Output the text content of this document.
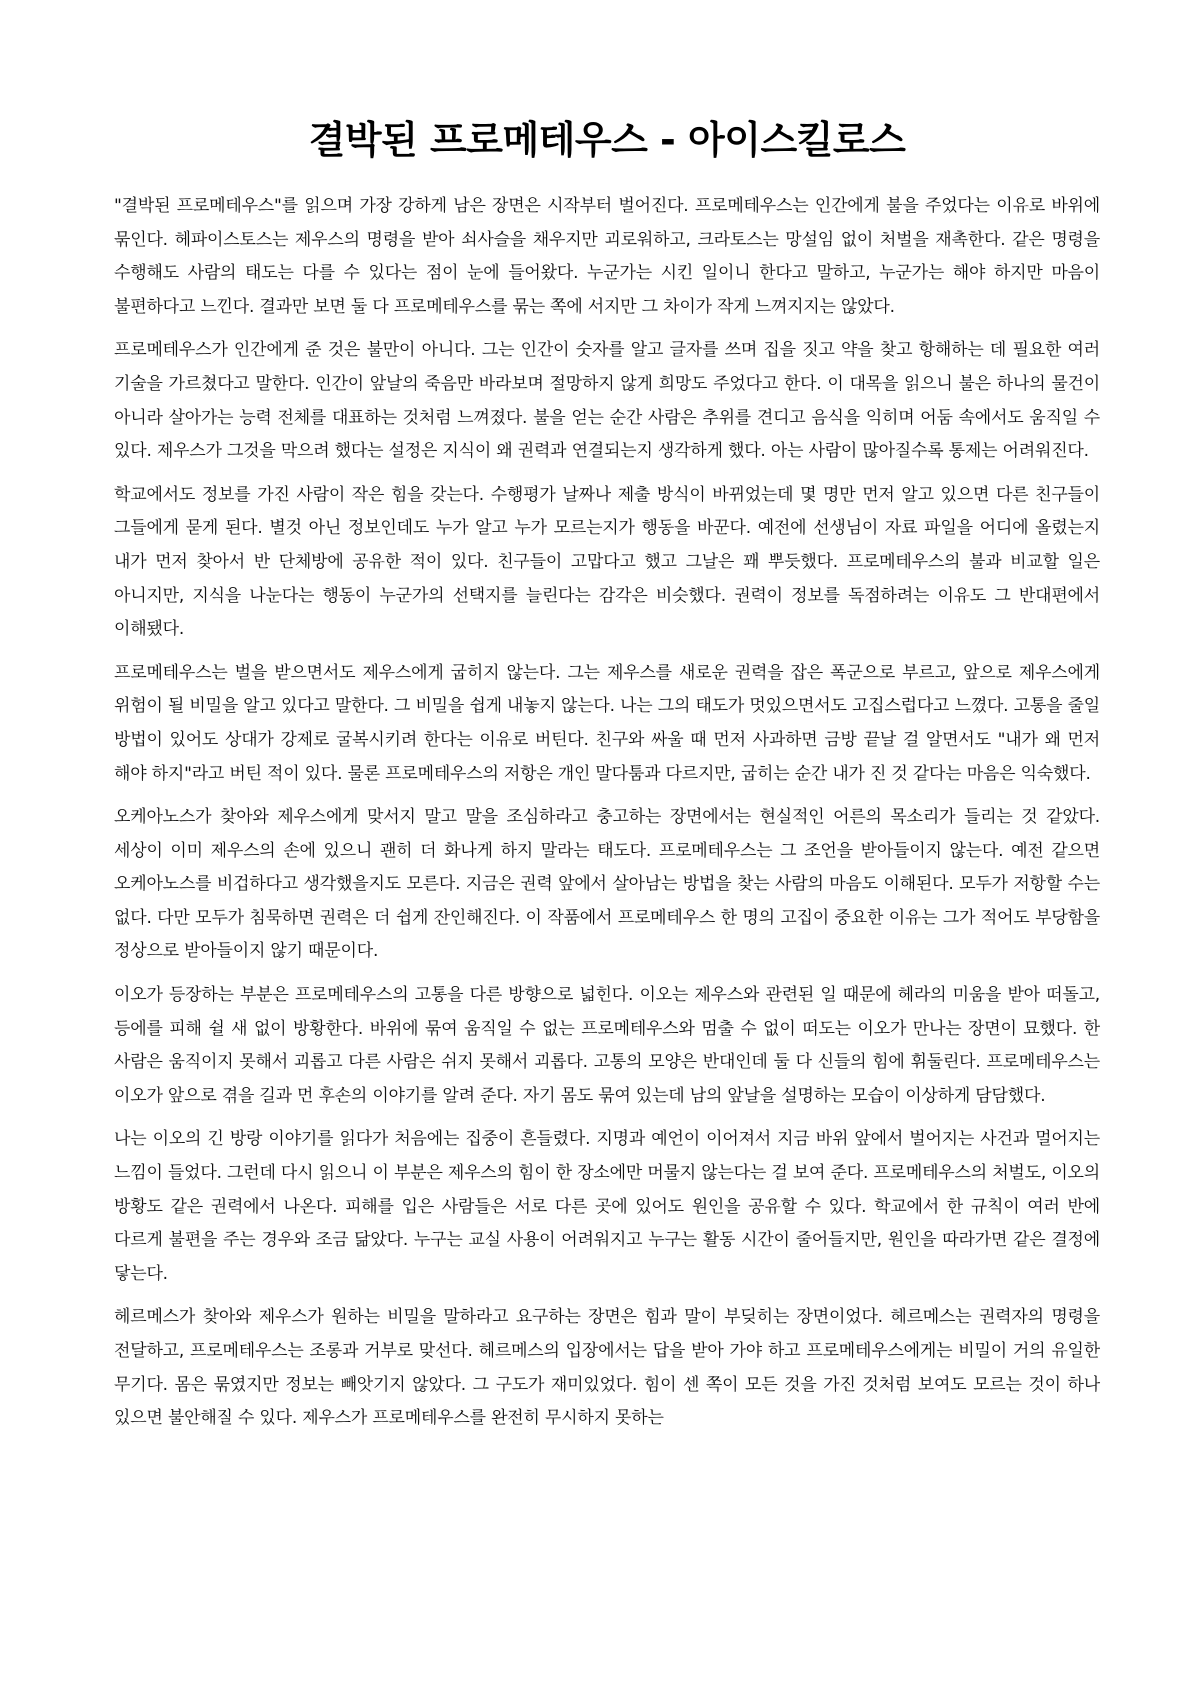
결박된 프로메테우스 - 아이스킬로스

"결박된 프로메테우스"를 읽으며 가장 강하게 남은 장면은 시작부터 벌어진다. 프로메테우스는 인간에게 불을 주었다는 이유로 바위에 묶인다. 헤파이스토스는 제우스의 명령을 받아 쇠사슬을 채우지만 괴로워하고, 크라토스는 망설임 없이 처벌을 재촉한다. 같은 명령을 수행해도 사람의 태도는 다를 수 있다는 점이 눈에 들어왔다. 누군가는 시킨 일이니 한다고 말하고, 누군가는 해야 하지만 마음이 불편하다고 느낀다. 결과만 보면 둘 다 프로메테우스를 묶는 쪽에 서지만 그 차이가 작게 느껴지지는 않았다.

프로메테우스가 인간에게 준 것은 불만이 아니다. 그는 인간이 숫자를 알고 글자를 쓰며 집을 짓고 약을 찾고 항해하는 데 필요한 여러 기술을 가르쳤다고 말한다. 인간이 앞날의 죽음만 바라보며 절망하지 않게 희망도 주었다고 한다. 이 대목을 읽으니 불은 하나의 물건이 아니라 살아가는 능력 전체를 대표하는 것처럼 느껴졌다. 불을 얻는 순간 사람은 추위를 견디고 음식을 익히며 어둠 속에서도 움직일 수 있다. 제우스가 그것을 막으려 했다는 설정은 지식이 왜 권력과 연결되는지 생각하게 했다. 아는 사람이 많아질수록 통제는 어려워진다.

학교에서도 정보를 가진 사람이 작은 힘을 갖는다. 수행평가 날짜나 제출 방식이 바뀌었는데 몇 명만 먼저 알고 있으면 다른 친구들이 그들에게 묻게 된다. 별것 아닌 정보인데도 누가 알고 누가 모르는지가 행동을 바꾼다. 예전에 선생님이 자료 파일을 어디에 올렸는지 내가 먼저 찾아서 반 단체방에 공유한 적이 있다. 친구들이 고맙다고 했고 그날은 꽤 뿌듯했다. 프로메테우스의 불과 비교할 일은 아니지만, 지식을 나눈다는 행동이 누군가의 선택지를 늘린다는 감각은 비슷했다. 권력이 정보를 독점하려는 이유도 그 반대편에서 이해됐다.

프로메테우스는 벌을 받으면서도 제우스에게 굽히지 않는다. 그는 제우스를 새로운 권력을 잡은 폭군으로 부르고, 앞으로 제우스에게 위험이 될 비밀을 알고 있다고 말한다. 그 비밀을 쉽게 내놓지 않는다. 나는 그의 태도가 멋있으면서도 고집스럽다고 느꼈다. 고통을 줄일 방법이 있어도 상대가 강제로 굴복시키려 한다는 이유로 버틴다. 친구와 싸울 때 먼저 사과하면 금방 끝날 걸 알면서도 "내가 왜 먼저 해야 하지"라고 버틴 적이 있다. 물론 프로메테우스의 저항은 개인 말다툼과 다르지만, 굽히는 순간 내가 진 것 같다는 마음은 익숙했다.

오케아노스가 찾아와 제우스에게 맞서지 말고 말을 조심하라고 충고하는 장면에서는 현실적인 어른의 목소리가 들리는 것 같았다. 세상이 이미 제우스의 손에 있으니 괜히 더 화나게 하지 말라는 태도다. 프로메테우스는 그 조언을 받아들이지 않는다. 예전 같으면 오케아노스를 비겁하다고 생각했을지도 모른다. 지금은 권력 앞에서 살아남는 방법을 찾는 사람의 마음도 이해된다. 모두가 저항할 수는 없다. 다만 모두가 침묵하면 권력은 더 쉽게 잔인해진다. 이 작품에서 프로메테우스 한 명의 고집이 중요한 이유는 그가 적어도 부당함을 정상으로 받아들이지 않기 때문이다.

이오가 등장하는 부분은 프로메테우스의 고통을 다른 방향으로 넓힌다. 이오는 제우스와 관련된 일 때문에 헤라의 미움을 받아 떠돌고, 등에를 피해 쉴 새 없이 방황한다. 바위에 묶여 움직일 수 없는 프로메테우스와 멈출 수 없이 떠도는 이오가 만나는 장면이 묘했다. 한 사람은 움직이지 못해서 괴롭고 다른 사람은 쉬지 못해서 괴롭다. 고통의 모양은 반대인데 둘 다 신들의 힘에 휘둘린다. 프로메테우스는 이오가 앞으로 겪을 길과 먼 후손의 이야기를 알려 준다. 자기 몸도 묶여 있는데 남의 앞날을 설명하는 모습이 이상하게 담담했다.

나는 이오의 긴 방랑 이야기를 읽다가 처음에는 집중이 흔들렸다. 지명과 예언이 이어져서 지금 바위 앞에서 벌어지는 사건과 멀어지는 느낌이 들었다. 그런데 다시 읽으니 이 부분은 제우스의 힘이 한 장소에만 머물지 않는다는 걸 보여 준다. 프로메테우스의 처벌도, 이오의 방황도 같은 권력에서 나온다. 피해를 입은 사람들은 서로 다른 곳에 있어도 원인을 공유할 수 있다. 학교에서 한 규칙이 여러 반에 다르게 불편을 주는 경우와 조금 닮았다. 누구는 교실 사용이 어려워지고 누구는 활동 시간이 줄어들지만, 원인을 따라가면 같은 결정에 닿는다.

헤르메스가 찾아와 제우스가 원하는 비밀을 말하라고 요구하는 장면은 힘과 말이 부딪히는 장면이었다. 헤르메스는 권력자의 명령을 전달하고, 프로메테우스는 조롱과 거부로 맞선다. 헤르메스의 입장에서는 답을 받아 가야 하고 프로메테우스에게는 비밀이 거의 유일한 무기다. 몸은 묶였지만 정보는 빼앗기지 않았다. 그 구도가 재미있었다. 힘이 센 쪽이 모든 것을 가진 것처럼 보여도 모르는 것이 하나 있으면 불안해질 수 있다. 제우스가 프로메테우스를 완전히 무시하지 못하는
